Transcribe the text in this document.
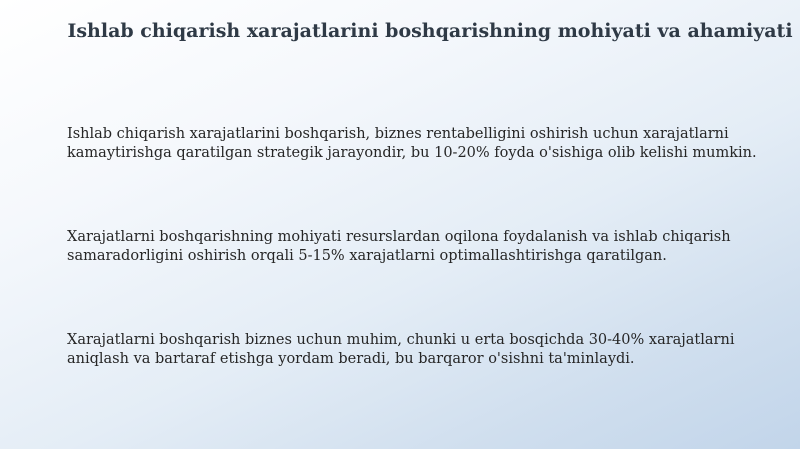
Ishlab chiqarish xarajatlarini boshqarishning mohiyati va ahamiyati

Ishlab chiqarish xarajatlarini boshqarish, biznes rentabelligini oshirish uchun xarajatlarni kamaytirishga qaratilgan strategik jarayondir, bu 10-20% foyda o'sishiga olib kelishi mumkin.

Xarajatlarni boshqarishning mohiyati resurslardan oqilona foydalanish va ishlab chiqarish samaradorligini oshirish orqali 5-15% xarajatlarni optimallashtirishga qaratilgan.

Xarajatlarni boshqarish biznes uchun muhim, chunki u erta bosqichda 30-40% xarajatlarni aniqlash va bartaraf etishga yordam beradi, bu barqaror o'sishni ta'minlaydi.
